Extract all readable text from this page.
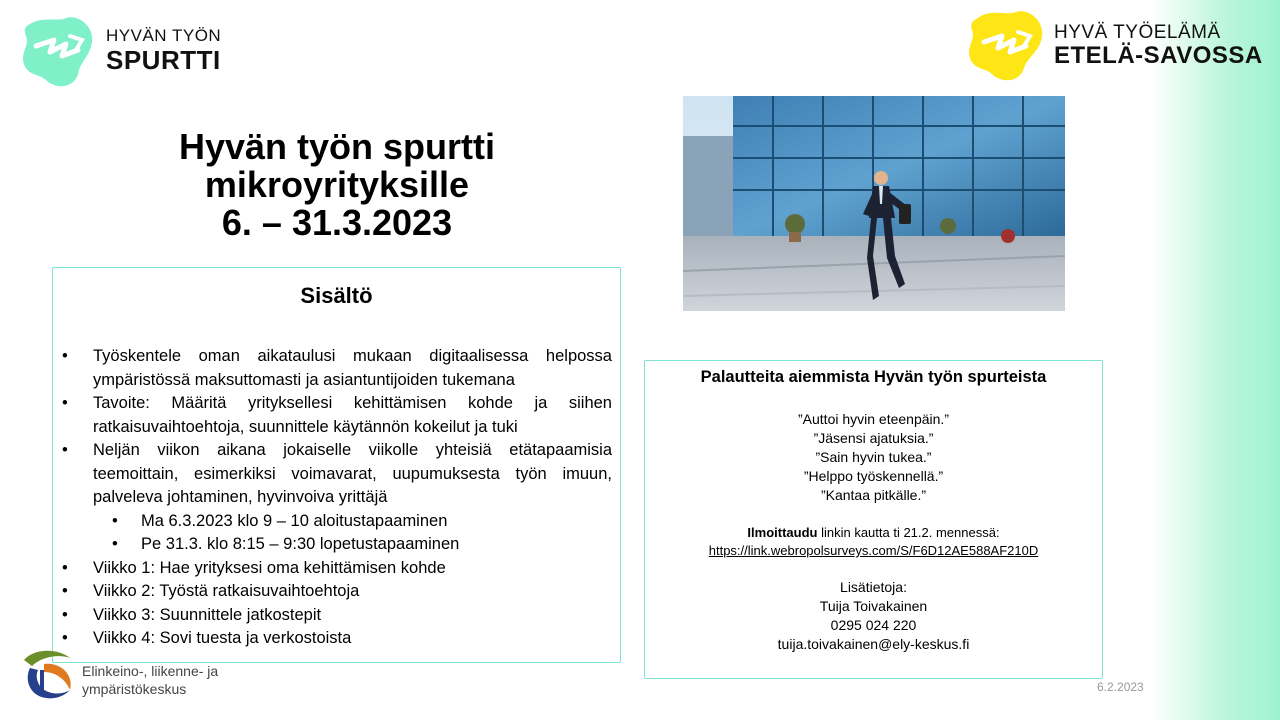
HYVÄN TYÖN
SPURTTI
HYVÄ TYÖELÄMÄ
ETELÄ-SAVOSSA
Hyvän työn spurtti
mikroyrityksille
6. – 31.3.2023
Sisältö
• Työskentele oman aikataulusi mukaan digitaalisessa helpossa ympäristössä maksuttomasti ja asiantuntijoiden tukemana
• Tavoite: Määritä yrityksellesi kehittämisen kohde ja siihen ratkaisuvaihtoehtoja, suunnittele käytännön kokeilut ja tuki
• Neljän viikon aikana jokaiselle viikolle yhteisiä etätapaamisia teemoittain, esimerkiksi voimavarat, uupumuksesta työn imuun, palveleva johtaminen, hyvinvoiva yrittäjä
• Ma 6.3.2023 klo 9 – 10 aloitustapaaminen
• Pe 31.3. klo 8:15 – 9:30 lopetustapaaminen
• Viikko 1: Hae yrityksesi oma kehittämisen kohde
• Viikko 2: Työstä ratkaisuvaihtoehtoja
• Viikko 3: Suunnittele jatkostepit
• Viikko 4: Sovi tuesta ja verkostoista
Palautteita aiemmista Hyvän työn spurteista
”Auttoi hyvin eteenpäin.”
”Jäsensi ajatuksia.”
”Sain hyvin tukea.”
”Helppo työskennellä.”
”Kantaa pitkälle.”
Ilmoittaudu linkin kautta ti 21.2. mennessä:
https://link.webropolsurveys.com/S/F6D12AE588AF210D
Lisätietoja:
Tuija Toivakainen
0295 024 220
tuija.toivakainen@ely-keskus.fi
Elinkeino-, liikenne- ja
ympäristökeskus	6.2.2023
